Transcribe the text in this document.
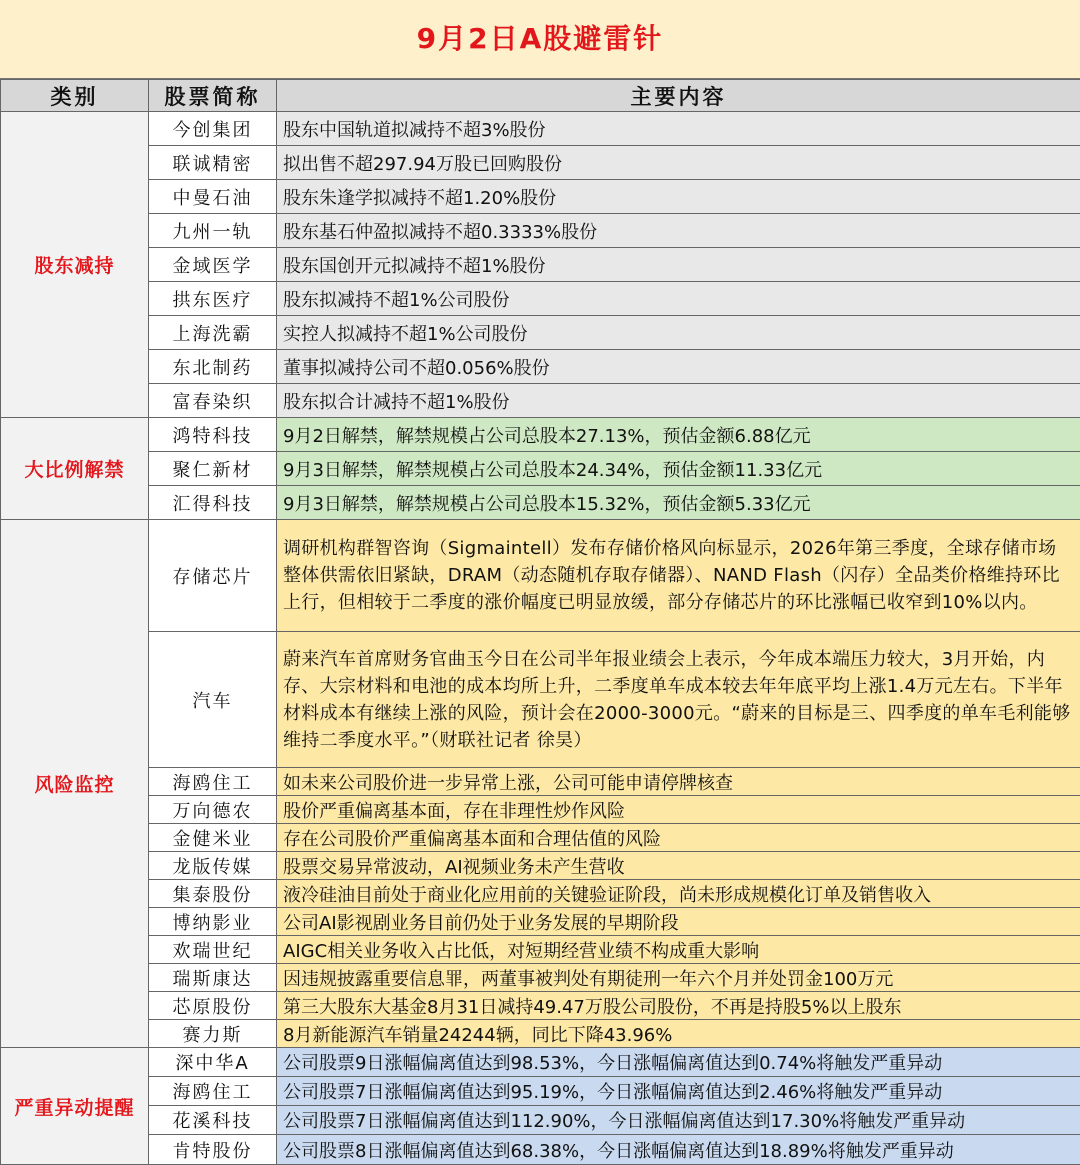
9月2日A股避雷针
类别	股票简称	主要内容
股东减持	今创集团	股东中国轨道拟减持不超3%股份
	联诚精密	拟出售不超297.94万股已回购股份
	中曼石油	股东朱逢学拟减持不超1.20%股份
	九州一轨	股东基石仲盈拟减持不超0.3333%股份
	金域医学	股东国创开元拟减持不超1%股份
	拱东医疗	股东拟减持不超1%公司股份
	上海洗霸	实控人拟减持不超1%公司股份
	东北制药	董事拟减持公司不超0.056%股份
	富春染织	股东拟合计减持不超1%股份
大比例解禁	鸿特科技	9月2日解禁，解禁规模占公司总股本27.13%，预估金额6.88亿元
	聚仁新材	9月3日解禁，解禁规模占公司总股本24.34%，预估金额11.33亿元
	汇得科技	9月3日解禁，解禁规模占公司总股本15.32%，预估金额5.33亿元
风险监控	存储芯片	调研机构群智咨询（Sigmaintell）发布存储价格风向标显示，2026年第三季度，全球存储市场整体供需依旧紧缺，DRAM（动态随机存取存储器）、NAND Flash（闪存）全品类价格维持环比上行，但相较于二季度的涨价幅度已明显放缓，部分存储芯片的环比涨幅已收窄到10%以内。
	汽车	蔚来汽车首席财务官曲玉今日在公司半年报业绩会上表示，今年成本端压力较大，3月开始，内存、大宗材料和电池的成本均所上升，二季度单车成本较去年年底平均上涨1.4万元左右。下半年材料成本有继续上涨的风险，预计会在2000-3000元。“蔚来的目标是三、四季度的单车毛利能够维持二季度水平。”（财联社记者 徐昊）
	海鸥住工	如未来公司股价进一步异常上涨，公司可能申请停牌核查
	万向德农	股价严重偏离基本面，存在非理性炒作风险
	金健米业	存在公司股价严重偏离基本面和合理估值的风险
	龙版传媒	股票交易异常波动，AI视频业务未产生营收
	集泰股份	液冷硅油目前处于商业化应用前的关键验证阶段，尚未形成规模化订单及销售收入
	博纳影业	公司AI影视剧业务目前仍处于业务发展的早期阶段
	欢瑞世纪	AIGC相关业务收入占比低，对短期经营业绩不构成重大影响
	瑞斯康达	因违规披露重要信息罪，两董事被判处有期徒刑一年六个月并处罚金100万元
	芯原股份	第三大股东大基金8月31日减持49.47万股公司股份，不再是持股5%以上股东
	赛力斯	8月新能源汽车销量24244辆，同比下降43.96%
严重异动提醒	深中华A	公司股票9日涨幅偏离值达到98.53%，今日涨幅偏离值达到0.74%将触发严重异动
	海鸥住工	公司股票7日涨幅偏离值达到95.19%，今日涨幅偏离值达到2.46%将触发严重异动
	花溪科技	公司股票7日涨幅偏离值达到112.90%，今日涨幅偏离值达到17.30%将触发严重异动
	肯特股份	公司股票8日涨幅偏离值达到68.38%，今日涨幅偏离值达到18.89%将触发严重异动
